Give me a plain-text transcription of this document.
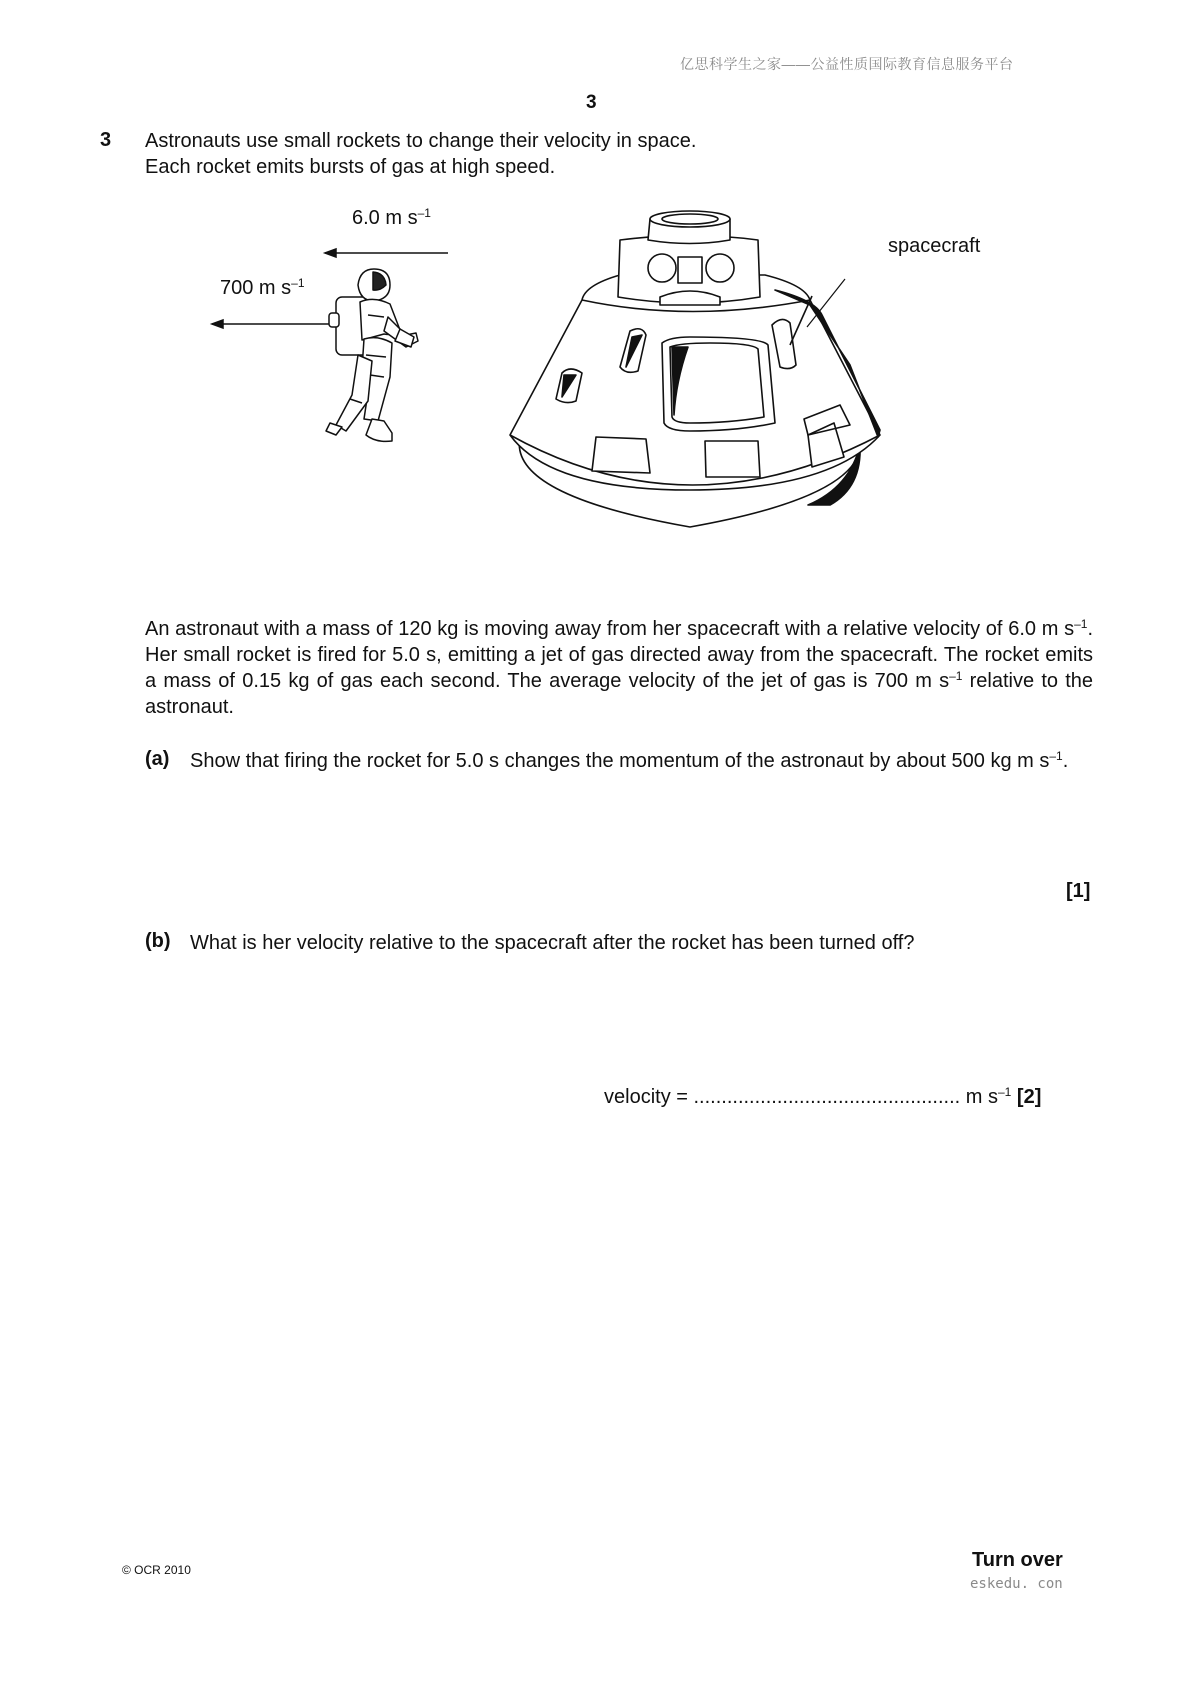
亿思科学生之家——公益性质国际教育信息服务平台
3
3 Astronauts use small rockets to change their velocity in space.
Each rocket emits bursts of gas at high speed.
6.0 m $s^{-1}$
700 m $s^{-1}$
spacecraft
An astronaut with a mass of 120 kg is moving away from her spacecraft with a relative velocity of 6.0 m $s^{-1}$. Her small rocket is fired for 5.0 s, emitting a jet of gas directed away from the spacecraft. The rocket emits a mass of 0.15 kg of gas each second. The average velocity of the jet of gas is 700 m $s^{-1}$ relative to the astronaut.
(a) Show that firing the rocket for 5.0 s changes the momentum of the astronaut by about 500 kg m $s^{-1}$.
[1]
(b) What is her velocity relative to the spacecraft after the rocket has been turned off?
velocity = ................................................ m $s^{-1}$ [2]
© OCR 2010	Turn over
eskedu. con
